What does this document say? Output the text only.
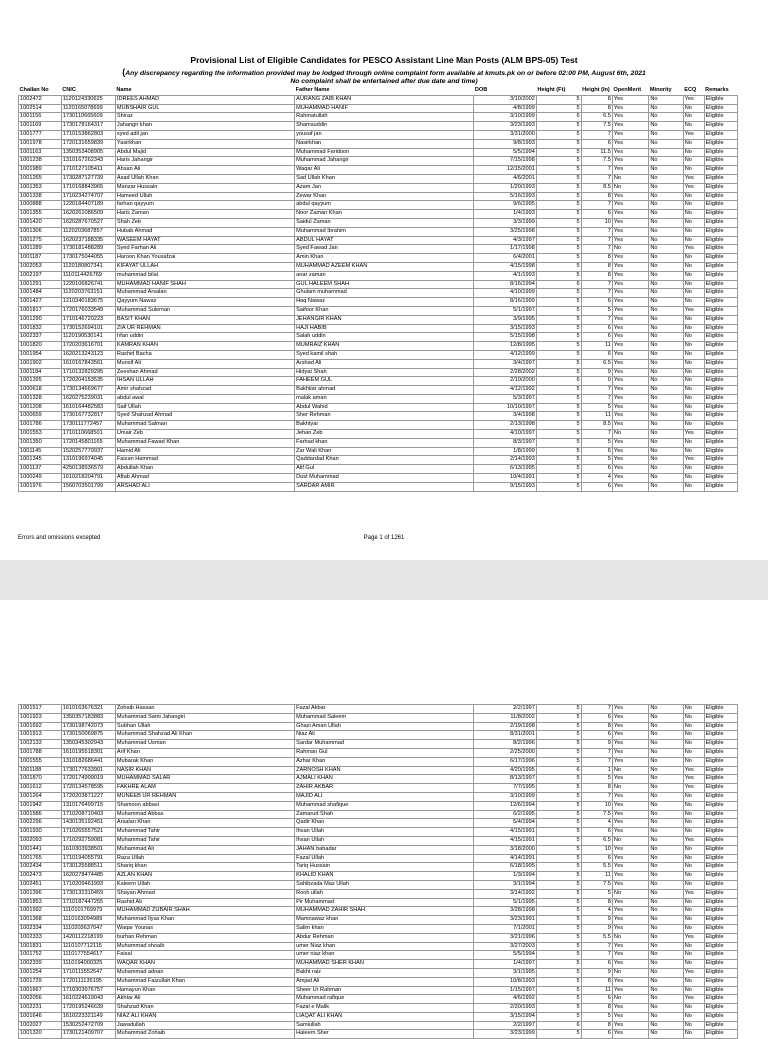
Provisional List of Eligible Candidates for PESCO Assistant Line Man Posts (ALM BPS-05) Test
(Any discrepancy regarding the information provided may be lodged through online complaint form available at kmuts.pk on or before 02:00 PM, August 6th, 2021
No complaint shall be entertained after due date and time)
Challan No	CNIC	Name	Father Name	DOB	Height (Ft)	Height (In)	OpenMerit	Minority	ECQ	Remarks
1002472	1120124330625	IDREES AHMAD	AURANG ZAIB KHAN	3/10/2002	5	8	Yes	No	Yes	Eligible
1002514	1120165078699	MUBSHAIR GUL	MUHAMMAD HANIF	4/8/1999	5	8	Yes	No	No	Eligible
1001156	1730110665609	Shiraz	Rahmatullah	3/10/1999	6	6.5	Yes	No	No	Eligible
1001169	1730178164317	Jahangir khan	Shamsuddin	3/23/1993	5	7.5	Yes	No	No	Eligible
1001777	1710153862803	syed adil jan	yousaf jan	3/31/2000	5	7	Yes	No	Yes	Eligible
1001978	1720131659839	Yasirkhan	Nasirkhan	9/8/1993	5	6	Yes	No	No	Eligible
1001163	1350353408905	Abdul Majid	Muhammad Faridoon	5/5/1994	5	11.5	Yes	No	No	Eligible
1001238	1310167262343	Haris Jahangir	Muhammad Jahangir	7/15/1998	5	7.5	Yes	No	No	Eligible
1001989	1710127105411	Ahsan Ali	Waqar Ali	12/15/2001	5	7	Yes	No	No	Eligible
1001265	1730287127739	Asad Ullah Khan	Sad Ullah Khan	4/6/2001	5	7	No	No	Yes	Eligible
1001353	1710168843965	Manzar Hussain	Azam Jan	1/20/1993	5	8.5	No	No	Yes	Eligible
1001338	1710234274707	Hameed Ullah	Zewar Khan	5/16/1993	5	8	Yes	No	No	Eligible
1000888	1220184407189	farhan qayyum	abdul qayyum	9/6/1995	5	7	Yes	No	No	Eligible
1001355	1620261086509	Haris Zaman	Noor Zaman Khan	1/4/1993	5	6	Yes	No	No	Eligible
1001420	1620287670527	Shah Zeb	Saidul Zaman	3/3/1999	5	10	Yes	No	No	Eligible
1001306	1120203687857	Hubab Ahmad	Muhammad Ibrahim	3/25/1998	5	7	Yes	No	No	Eligible
1001275	1620237188335	WASEEM HAYAT	ABDUL HAYAT	4/3/1997	5	7	Yes	No	No	Eligible
1001289	1730181488289	Syed Farhan Ali	Syed Fawad Jan	1/17/1998	5	7	No	No	Yes	Eligible
1001187	1730175044055	Haroon Khan Yousafzai	Amin Khan	6/4/2001	5	8	Yes	No	No	Eligible
1002053	1120180807341	KIFAYAT ULLAH	MUHAMMAD AZEEM KHAN	4/15/1998	5	8	Yes	No	No	Eligible
1002197	1110114426769	muhammad bilal	anar zaman	4/1/1993	5	8	Yes	No	No	Eligible
1001291	1220106826741	MUHAMMAD HANIF SHAH	GUL HALEEM SHAH	8/16/1994	6	7	Yes	No	No	Eligible
1001484	1120203763151	Muhammad Arsalan	Ghulam muhammad	4/10/1999	5	7	Yes	No	No	Eligible
1001427	1210340183675	Qayyum Nawaz	Haq Nawaz	8/16/1999	5	6	Yes	No	No	Eligible
1001817	1720176033549	Muhammad Suleman	Saifoor Khan	5/1/1997	5	5	Yes	No	Yes	Eligible
1001290	1710146720223	BASIT KHAN	JEHANGIR KHAN	3/9/1995	5	7	Yes	No	No	Eligible
1001832	1730152694101	ZIA UR REHMAN	HAJI HABIB	3/15/1993	5	6	Yes	No	No	Eligible
1002337	1120190530141	Irfan uddin	Salah uddin	5/15/1998	5	6	Yes	No	No	Eligible
1001820	1720203616701	KAMRAN KHAN	MUMRAIZ KHAN	12/8/1995	5	11	Yes	No	No	Eligible
1001954	1620213243123	Rashid Bacha	Syed kamil shah	4/12/1999	5	6	Yes	No	No	Eligible
1001902	1610167843561	Munsif Ali	Arshad Ali	3/4/1997	5	6.5	Yes	No	No	Eligible
1001184	1710132829295	Zeeshan Ahmad	Hidyat Shah	2/28/2002	5	9	Yes	No	No	Eligible
1001395	1720204153535	IHSAN ULLAH	FAHEEM GUL	2/10/2000	6	0	Yes	No	No	Eligible
1000618	1730134669677	Amir shahzad	Bakhtiar ahmad	4/12/1992	5	7	Yes	No	No	Eligible
1001328	1620275239031	abdul awal	malak aman	5/3/1997	5	7	Yes	No	No	Eligible
1001208	1610164482583	Saif Ullah	Abdul Wahid	10/10/1997	5	5	Yes	No	No	Eligible
1000659	1730167732817	Syed Shahzad Ahmad	Sher Rehman	3/4/1998	5	11	Yes	No	No	Eligible
1001786	1730111772457	Muhammad Salman	Bakhtyar	2/13/1998	5	8.5	Yes	No	No	Eligible
1001553	1710110668501	Umair Zeb	Jehan Zeb	4/10/1997	5	7	No	No	Yes	Eligible
1001350	1720145801165	Muhammad Fawad Khan	Farhad khan	8/3/1997	5	5	Yes	No	No	Eligible
1001145	1520257779937	Hamid Ali	Zar Wali Khan	1/8/1999	5	6	Yes	No	No	Eligible
1001345	1310196974045	Faizan Hammad	Qaddardad Khan	2/14/1993	5	5	Yes	No	Yes	Eligible
1001137	4250138936579	Abdullah Khan	Alif Gul	6/13/1995	5	6	Yes	No	No	Eligible
1000249	1610218204791	Aftab Ahmad	Dost Muhammad	10/4/1991	5	4	Yes	No	No	Eligible
1001976	1560703501799	ARSHAD ALI	SARDAR AMIR	9/15/1993	5	6	Yes	No	No	Eligible
Errors and omissions excepted	Page 1 of 1261
1001517	1610163676321	Zohaib Hassan	Fazal Akbar	2/2/1997	5	7	Yes	No	No	Eligible
1001923	1350357183883	Muhammad Sami Jahangiri	Muhammad Saleem	11/8/2002	5	6	Yes	No	No	Eligible
1001692	1730198742073	Subhan Ullah	Ghazi Aman Ullah	2/19/1998	5	8	Yes	No	No	Eligible
1001913	1730150069875	Muhammad Shahzad Ali Khan	Niaz Ali	8/31/2001	5	6	Yes	No	No	Eligible
1002133	1350345302943	Muhammad Usman	Sardar Muhammad	8/2/1996	5	9	Yes	No	No	Eligible
1001788	1610195518301	Arif Khan	Rahman Gul	2/25/2000	5	7	Yes	No	No	Eligible
1001555	1310182686441	Mubarak Khan	Azhar Khan	6/17/1996	5	7	Yes	No	No	Eligible
1001188	1730177633901	NASIR KHAN	ZARNOSH KHAN	4/20/1995	6	1	No	No	Yes	Eligible
1001870	1720174909019	MUHAMMAD SALAR	AJMALI KHAN	8/13/1997	5	5	Yes	No	Yes	Eligible
1001612	1720134578595	FAKHRE ALAM	ZAHIR AKBAR	7/7/1995	5	8	No	No	Yes	Eligible
1001264	1720203871227	MUNEEB UR REHMAN	MAJID ALI	3/10/1999	5	7	Yes	No	No	Eligible
1001942	1310176499715	Shamoon abbasi	Muhammad shafique	12/6/1994	5	10	Yes	No	No	Eligible
1001586	1710208710403	Muhammad Abbas	Zamarud Shah	6/2/1995	5	7.5	Yes	No	No	Eligible
1002296	1430135192451	Arsalan Khan	Qadir Khan	5/4/1994	5	4	Yes	No	No	Eligible
1001930	1710265557521	Muhammad Tahir	Ihsan Ullah	4/15/1991	5	6	Yes	No	No	Eligible
1002093	1710292759081	Muhammad Tahir	Ihsan Ullah	4/15/1991	5	6.5	No	No	Yes	Eligible
1001441	1610303938501	Muhammad Ali	JAHAN bahadar	3/18/2000	5	10	Yes	No	No	Eligible
1001765	1710194055791	Raza Ullah	Fazal Ullah	4/14/1991	5	6	Yes	No	No	Eligible
1002434	1730125588511	Shariq khan	Tariq Hussain	6/18/1995	5	5.5	Yes	No	No	Eligible
1002473	1620278474485	AZLAN KHAN	KHALID KHAN	1/3/1994	5	11	Yes	No	No	Eligible
1002451	1710209461993	Kaleem Ullah	Sahibzada Maz Ullah	3/1/1994	5	7.5	Yes	No	No	Eligible
1001396	1730132310459	Shayan Ahmad	Rooh ullah	3/14/1992	5	5	No	No	Yes	Eligible
1001853	1710187447255	Rashid Ali	Pir Muhammad	5/1/1995	5	8	Yes	No	No	Eligible
1001992	1110101769979	MUHAMMAD ZUBAIR SHAH	MUHAMMAD ZAHIR SHAH	3/28/1998	5	4	Yes	No	No	Eligible
1001368	1110163094989	Muhammad Ilyas Khan	Mamnawaz khan	3/23/1991	5	9	Yes	No	No	Eligible
1002334	1110203637047	Waqar Younas	Salim khan	7/1/2001	5	9	Yes	No	No	Eligible
1002333	1420112218199	burhan Rehman	Abdur Rehman	3/21/1996	5	5.5	No	No	Yes	Eligible
1001831	1110107712115	Muhammad shoaib	umer Niaz khan	3/27/2003	5	7	Yes	No	No	Eligible
1001752	1110177554617	Faisal	umer niaz khan	5/5/1994	5	7	Yes	No	No	Eligible
1002339	1110194000325	WAQAR KHAN	MUHAMMAD SHER KHAN	1/4/1997	5	6	Yes	No	No	Eligible
1001254	1710111552547	Muhammad adnan	Bakht raiz	3/1/1995	5	9	No	No	Yes	Eligible
1001729	1720111135195	Muhammad Faizullah Khan	Amjad Ali	10/8/1993	5	8	Yes	No	No	Eligible
1001667	1710303976757	Hamayun Khan	Sheer Ur Rahman	1/15/1997	5	11	Yes	No	No	Eligible
1002056	1610224619043	Akhtar Ali	Muhammad rafique	4/6/1992	5	6	No	No	Yes	Eligible
1002231	1720195246639	Shahzad Khan	Fazal e Malik	2/20/1993	5	8	Yes	No	No	Eligible
1001646	1610223321149	NIAZ ALI KHAN	LIAQAT ALI KHAN	3/15/1994	5	5	Yes	No	No	Eligible
1002027	1530252472709	Jawadullah	Samiullah	2/2/1997	6	8	Yes	No	No	Eligible
1001320	1730121409707	Muhammad Zohaib	Haleem Sher	3/23/1999	5	6	Yes	No	No	Eligible
